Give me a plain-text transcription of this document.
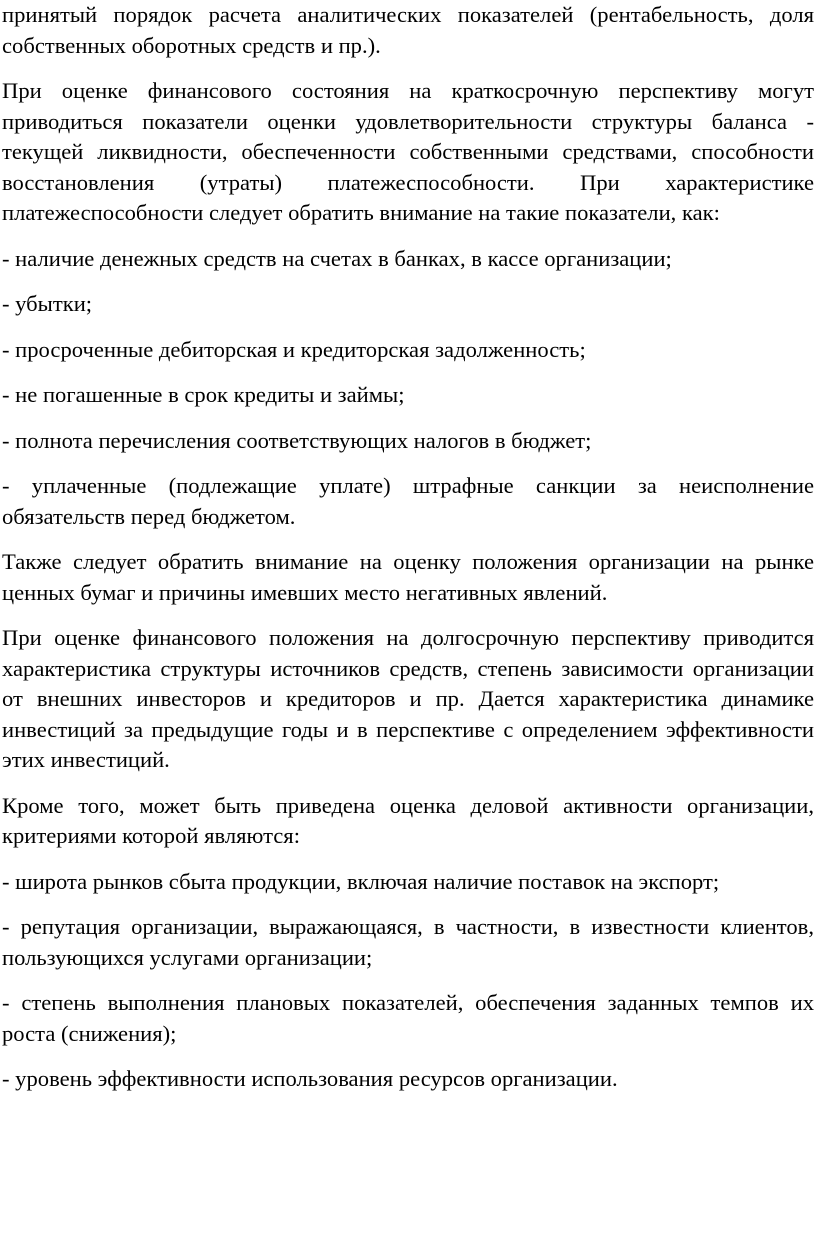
принятый порядок расчета аналитических показателей (рентабельность, доля собственных оборотных средств и пр.).

При оценке финансового состояния на краткосрочную перспективу могут приводиться показатели оценки удовлетворительности структуры баланса - текущей ликвидности, обеспеченности собственными средствами, способности восстановления (утраты) платежеспособности. При характеристике платежеспособности следует обратить внимание на такие показатели, как:

- наличие денежных средств на счетах в банках, в кассе организации;

- убытки;

- просроченные дебиторская и кредиторская задолженность;

- не погашенные в срок кредиты и займы;

- полнота перечисления соответствующих налогов в бюджет;

- уплаченные (подлежащие уплате) штрафные санкции за неисполнение обязательств перед бюджетом.

Также следует обратить внимание на оценку положения организации на рынке ценных бумаг и причины имевших место негативных явлений.

При оценке финансового положения на долгосрочную перспективу приводится характеристика структуры источников средств, степень зависимости организации от внешних инвесторов и кредиторов и пр. Дается характеристика динамике инвестиций за предыдущие годы и в перспективе с определением эффективности этих инвестиций.

Кроме того, может быть приведена оценка деловой активности организации, критериями которой являются:

- широта рынков сбыта продукции, включая наличие поставок на экспорт;

- репутация организации, выражающаяся, в частности, в известности клиентов, пользующихся услугами организации;

- степень выполнения плановых показателей, обеспечения заданных темпов их роста (снижения);

- уровень эффективности использования ресурсов организации.
